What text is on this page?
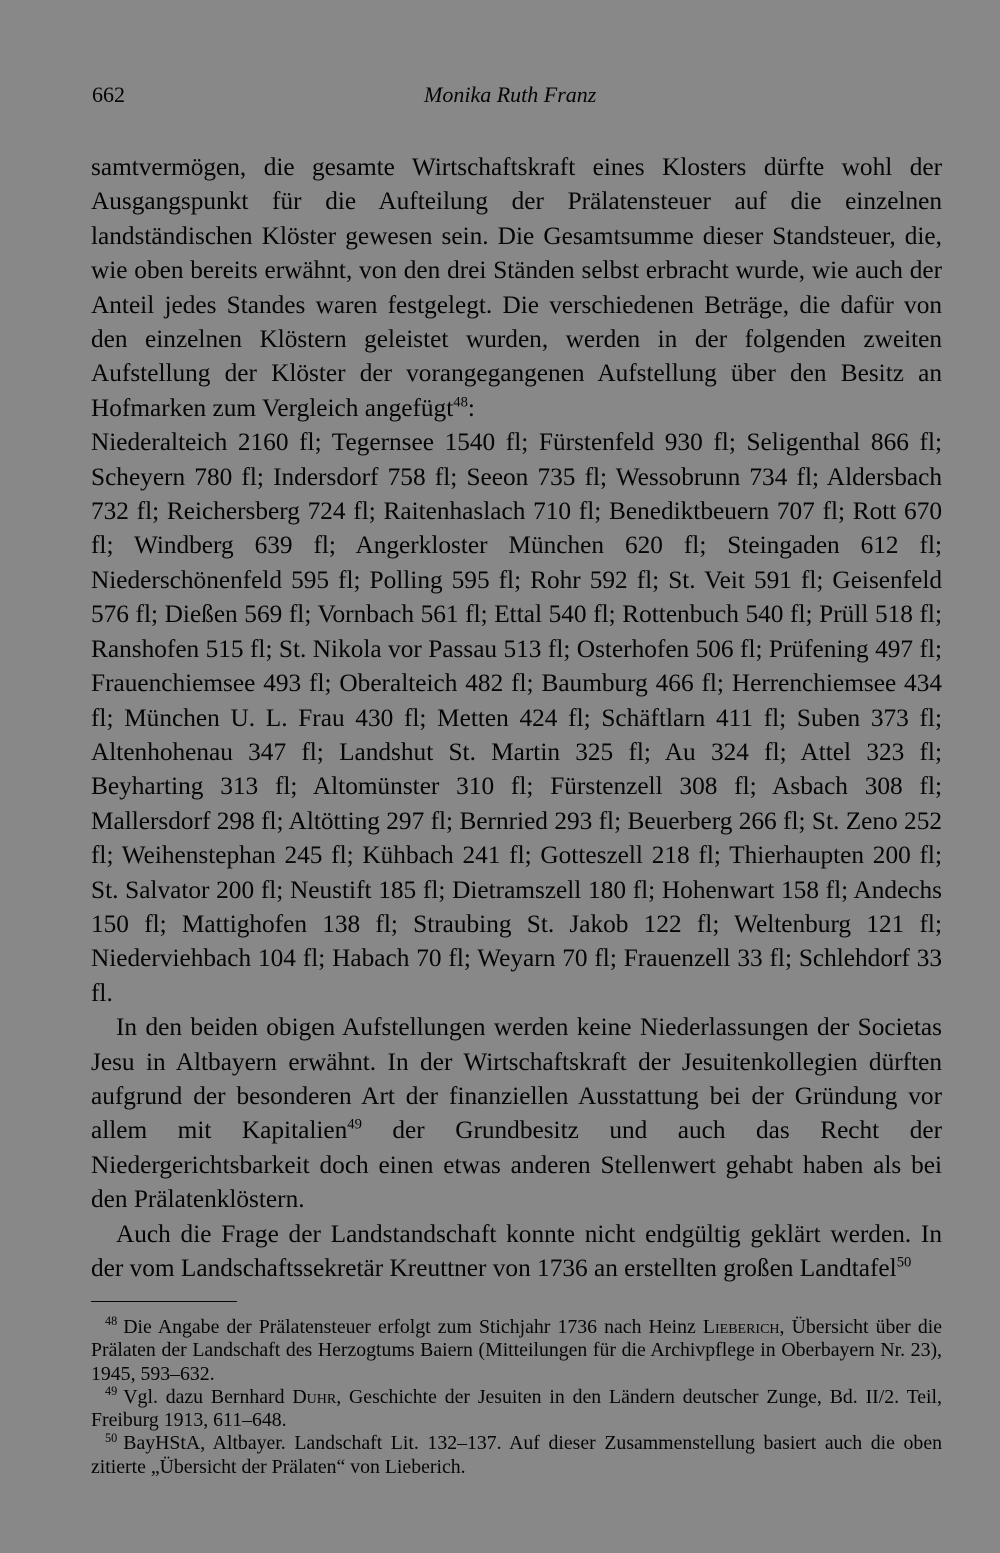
662	Monika Ruth Franz

samtvermögen, die gesamte Wirtschaftskraft eines Klosters dürfte wohl der Ausgangspunkt für die Aufteilung der Prälatensteuer auf die einzelnen landständischen Klöster gewesen sein. Die Gesamtsumme dieser Standsteuer, die, wie oben bereits erwähnt, von den drei Ständen selbst erbracht wurde, wie auch der Anteil jedes Standes waren festgelegt. Die verschiedenen Beträge, die dafür von den einzelnen Klöstern geleistet wurden, werden in der folgenden zweiten Aufstellung der Klöster der vorangegangenen Aufstellung über den Besitz an Hofmarken zum Vergleich angefügt$^{48}$:

Niederalteich 2160 fl; Tegernsee 1540 fl; Fürstenfeld 930 fl; Seligenthal 866 fl; Scheyern 780 fl; Indersdorf 758 fl; Seeon 735 fl; Wessobrunn 734 fl; Aldersbach 732 fl; Reichersberg 724 fl; Raitenhaslach 710 fl; Benediktbeuern 707 fl; Rott 670 fl; Windberg 639 fl; Angerkloster München 620 fl; Steingaden 612 fl; Niederschönenfeld 595 fl; Polling 595 fl; Rohr 592 fl; St. Veit 591 fl; Geisenfeld 576 fl; Dießen 569 fl; Vornbach 561 fl; Ettal 540 fl; Rottenbuch 540 fl; Prüll 518 fl; Ranshofen 515 fl; St. Nikola vor Passau 513 fl; Osterhofen 506 fl; Prüfening 497 fl; Frauenchiemsee 493 fl; Oberalteich 482 fl; Baumburg 466 fl; Herrenchiemsee 434 fl; München U. L. Frau 430 fl; Metten 424 fl; Schäftlarn 411 fl; Suben 373 fl; Altenhohenau 347 fl; Landshut St. Martin 325 fl; Au 324 fl; Attel 323 fl; Beyharting 313 fl; Altomünster 310 fl; Fürstenzell 308 fl; Asbach 308 fl; Mallersdorf 298 fl; Altötting 297 fl; Bernried 293 fl; Beuerberg 266 fl; St. Zeno 252 fl; Weihenstephan 245 fl; Kühbach 241 fl; Gotteszell 218 fl; Thierhaupten 200 fl; St. Salvator 200 fl; Neustift 185 fl; Dietramszell 180 fl; Hohenwart 158 fl; Andechs 150 fl; Mattighofen 138 fl; Straubing St. Jakob 122 fl; Weltenburg 121 fl; Niederviehbach 104 fl; Habach 70 fl; Weyarn 70 fl; Frauenzell 33 fl; Schlehdorf 33 fl.

In den beiden obigen Aufstellungen werden keine Niederlassungen der Societas Jesu in Altbayern erwähnt. In der Wirtschaftskraft der Jesuitenkollegien dürften aufgrund der besonderen Art der finanziellen Ausstattung bei der Gründung vor allem mit Kapitalien$^{49}$ der Grundbesitz und auch das Recht der Niedergerichtsbarkeit doch einen etwas anderen Stellenwert gehabt haben als bei den Prälatenklöstern.

Auch die Frage der Landstandschaft konnte nicht endgültig geklärt werden. In der vom Landschaftssekretär Kreuttner von 1736 an erstellten großen Landtafel$^{50}$

$^{48}$ Die Angabe der Prälatensteuer erfolgt zum Stichjahr 1736 nach Heinz Lieberich, Übersicht über die Prälaten der Landschaft des Herzogtums Baiern (Mitteilungen für die Archivpflege in Oberbayern Nr. 23), 1945, 593–632.

$^{49}$ Vgl. dazu Bernhard Duhr, Geschichte der Jesuiten in den Ländern deutscher Zunge, Bd. II/2. Teil, Freiburg 1913, 611–648.

$^{50}$ BayHStA, Altbayer. Landschaft Lit. 132–137. Auf dieser Zusammenstellung basiert auch die oben zitierte „Übersicht der Prälaten“ von Lieberich.
